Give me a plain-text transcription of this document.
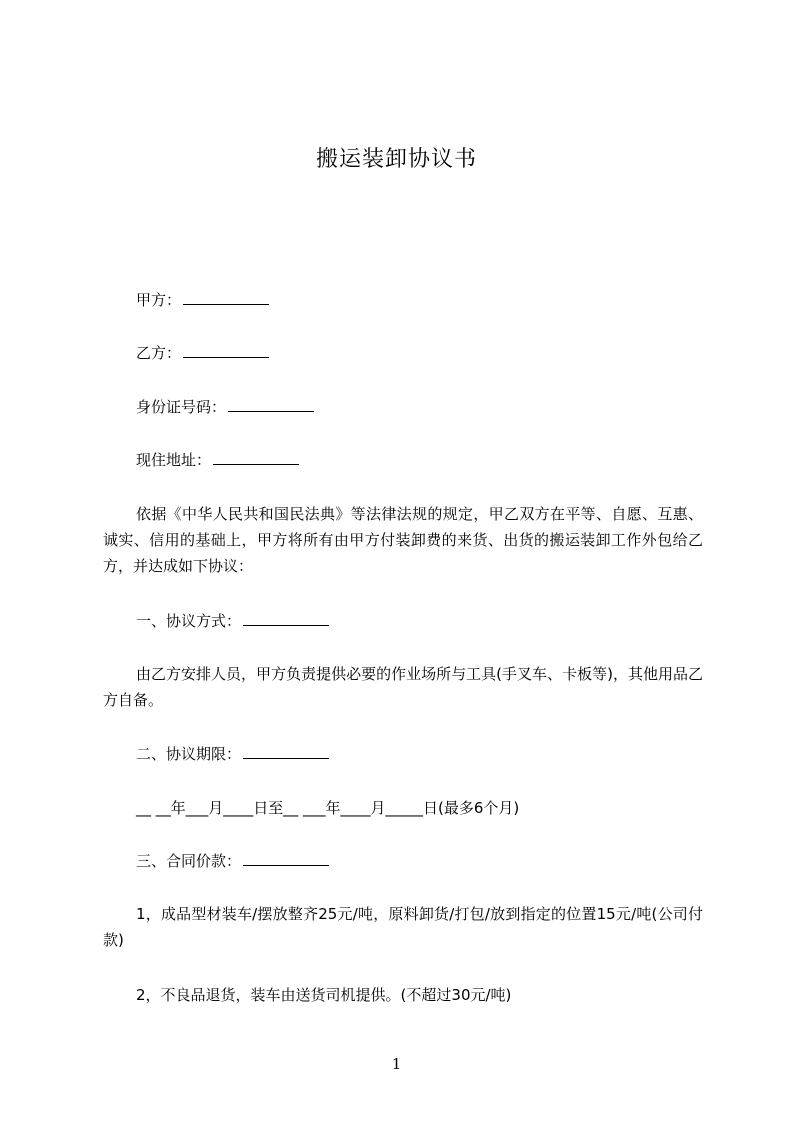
搬运装卸协议书
甲方：
乙方：
身份证号码：
现住地址：
依据《中华人民共和国民法典》等法律法规的规定，甲乙双方在平等、自愿、互惠、诚实、信用的基础上，甲方将所有由甲方付装卸费的来货、出货的搬运装卸工作外包给乙方，并达成如下协议：
一、协议方式：
由乙方安排人员，甲方负责提供必要的作业场所与工具(手叉车、卡板等)，其他用品乙方自备。
二、协议期限：
__ __年___月____日至__ ___年____月_____日(最多6个月)
三、合同价款：
1，成品型材装车/摆放整齐25元/吨，原料卸货/打包/放到指定的位置15元/吨(公司付款)
2，不良品退货，装车由送货司机提供。(不超过30元/吨)
1
